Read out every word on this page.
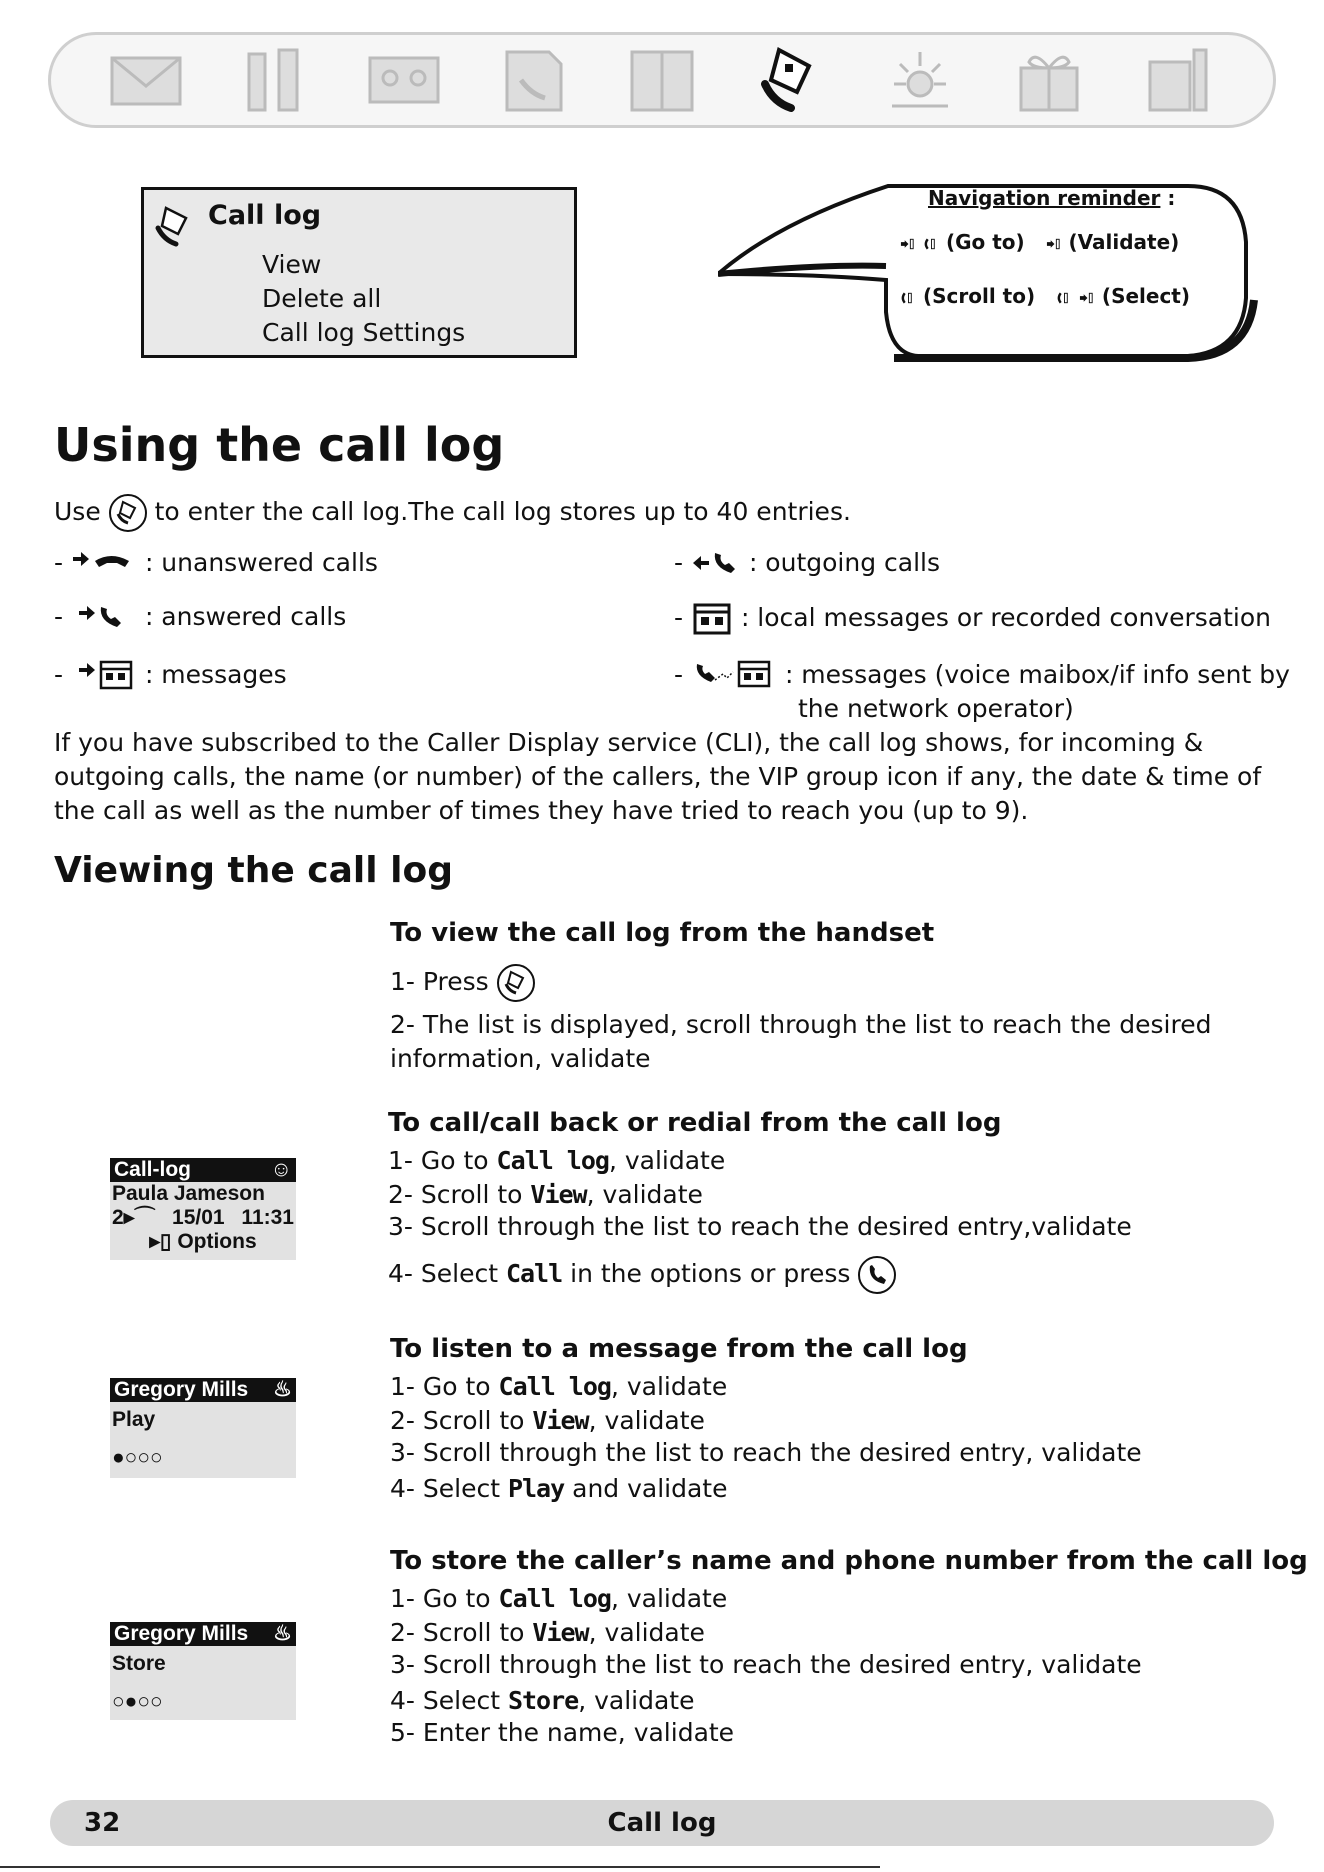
Call log
View
Delete all
Call log Settings
Navigation reminder :
(Go to) (Validate)
(Scroll to)	(Select)
Using the call log
Use to enter the call log.The call log stores up to 40 entries.
-	: unanswered calls	-	: outgoing calls
-	: answered calls	- : local messages or recorded conversation
-	: messages	-	: messages (voice maibox/if info sent by
the network operator)
If you have subscribed to the Caller Display service (CLI), the call log shows, for incoming & outgoing calls, the name (or number) of the callers, the VIP group icon if any, the date & time of the call as well as the number of times they have tried to reach you (up to 9).
Viewing the call log
To view the call log from the handset
1- Press
2- The list is displayed, scroll through the list to reach the desired
information, validate
To call/call back or redial from the call log
1- Go to Call log, validate
2- Scroll to View, validate
3- Scroll through the list to reach the desired entry,validate
4- Select Call in the options or press
Call-log	☺
Paula Jameson
2▸⌒ 15/01 11:31
▸▯ Options
To listen to a message from the call log
1- Go to Call log, validate
2- Scroll to View, validate
3- Scroll through the list to reach the desired entry, validate
4- Select Play and validate
Gregory Mills ♨
Play
●○○○
To store the caller’s name and phone number from the call log
1- Go to Call log, validate
2- Scroll to View, validate
3- Scroll through the list to reach the desired entry, validate
4- Select Store, validate
5- Enter the name, validate
Gregory Mills ♨
Store
○●○○
32	Call log
